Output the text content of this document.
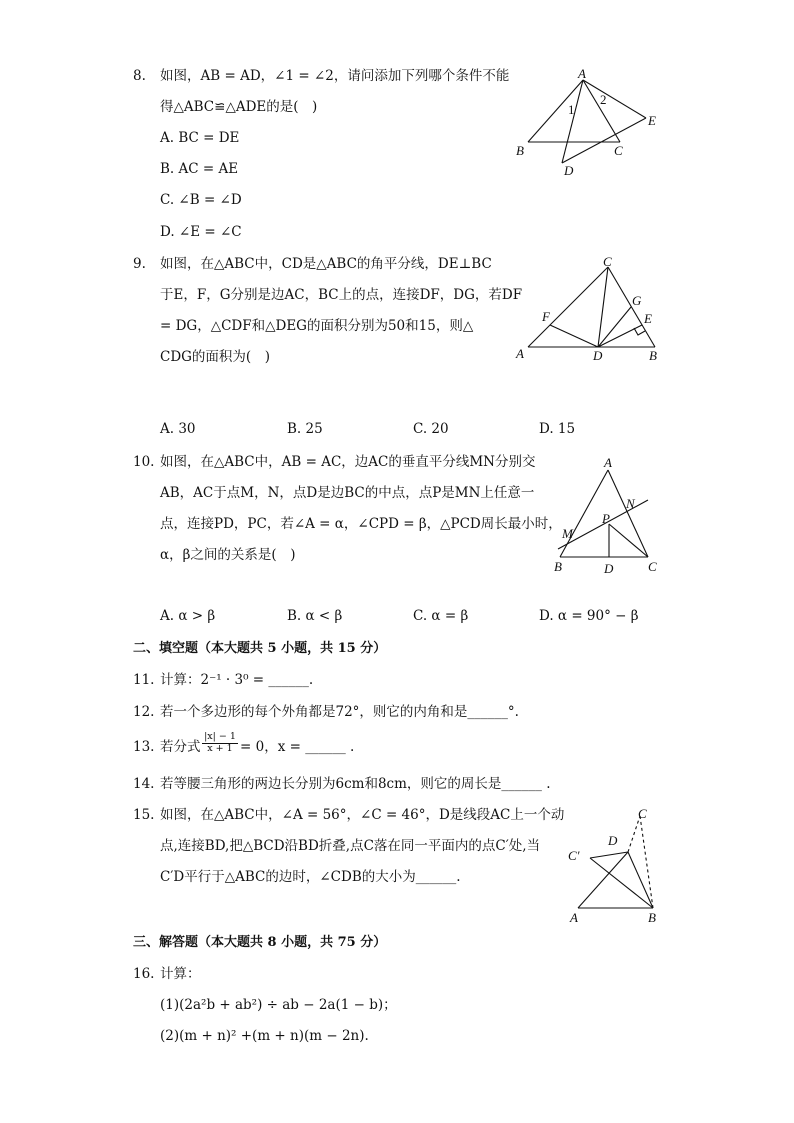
8. 如图，AB = AD，∠1 = ∠2，请问添加下列哪个条件不能
得△ABC≌△ADE的是(　)
A. BC = DE
B. AC = AE
C. ∠B = ∠D
D. ∠E = ∠C
A
B	C
D
E
1
2
9. 如图，在△ABC中，CD是△ABC的角平分线，DE⊥BC
于E，F，G分别是边AC，BC上的点，连接DF，DG，若DF
= DG，△CDF和△DEG的面积分别为50和15，则△
CDG的面积为(　)
A. 30	B. 25	C. 20	D. 15
C
A	D	B
F
G
E
10. 如图，在△ABC中，AB = AC，边AC的垂直平分线MN分别交
AB，AC于点M，N，点D是边BC的中点，点P是MN上任意一
点，连接PD，PC，若∠A = α，∠CPD = β，△PCD周长最小时，
α，β之间的关系是(　)
A. α > β	B. α < β	C. α = β	D. α = 90° − β
A
N
P
M
B	D	C
二、填空题（本大题共 5 小题，共 15 分）
11. 计算：2⁻¹ · 3⁰ = ______.
12. 若一个多边形的每个外角都是72°，则它的内角和是______°.
13. 若分式 $\frac{|x| - 1}{x + 1} = 0$，x = ______ .
14. 若等腰三角形的两边长分别为6cm和8cm，则它的周长是______ .
15. 如图，在△ABC中，∠A = 56°，∠C = 46°，D是线段AC上一个动
点,连接BD,把△BCD沿BD折叠,点C落在同一平面内的点C′处,当
C′D平行于△ABC的边时，∠CDB的大小为______.
C
D
C′
A	B
三、解答题（本大题共 8 小题，共 75 分）
16. 计算：
(1)(2a²b + ab²) ÷ ab − 2a(1 − b)；
(2)(m + n)² +(m + n)(m − 2n).
